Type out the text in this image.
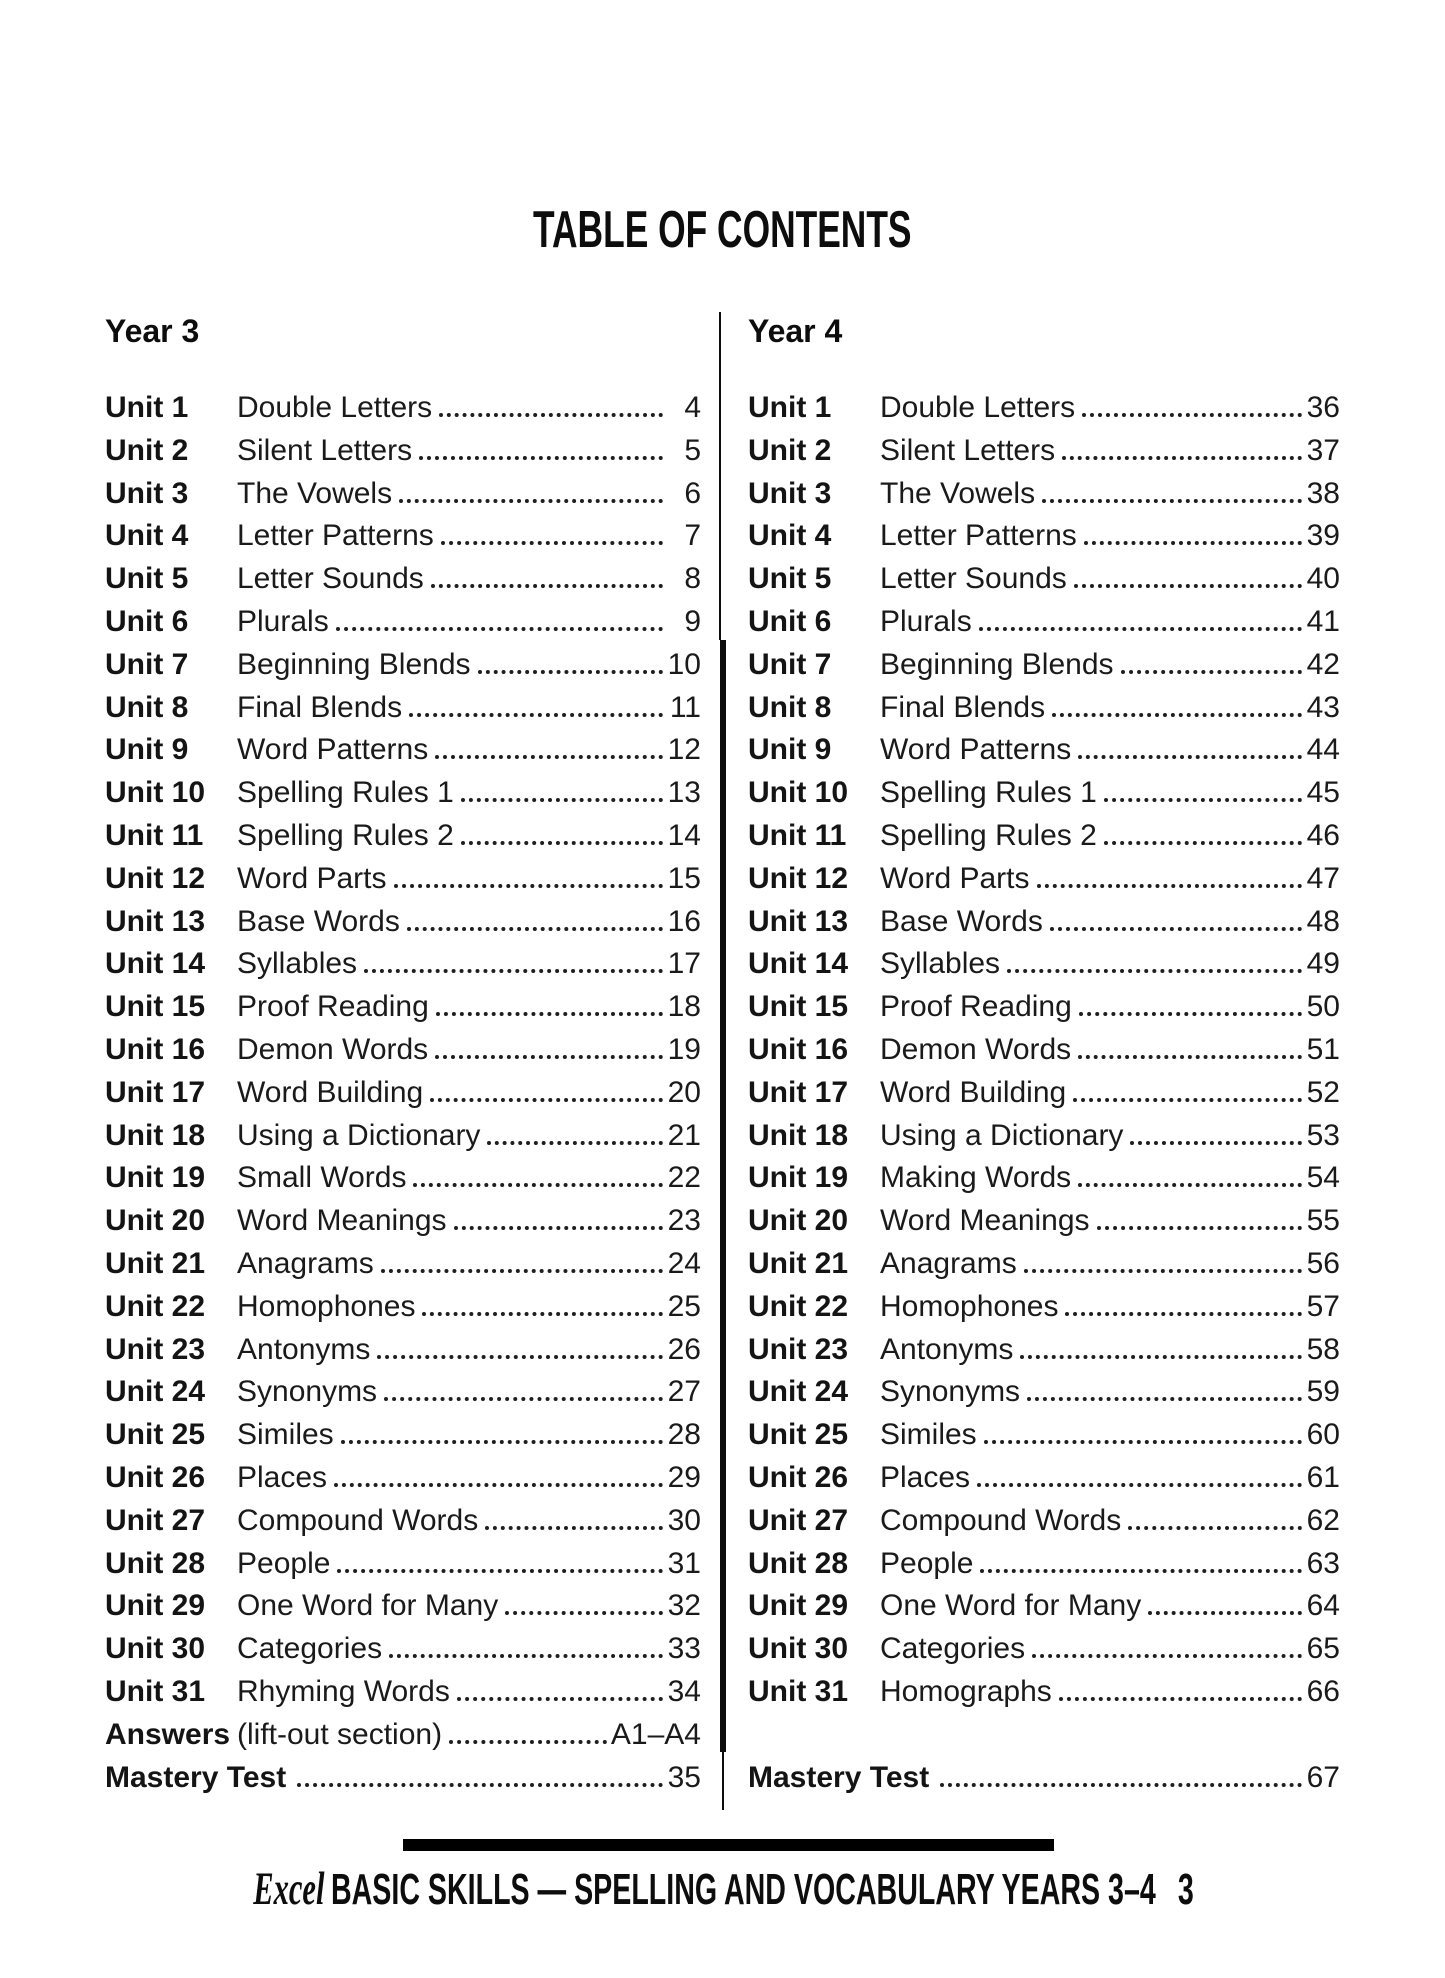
TABLE OF CONTENTS
Year 3
Unit 1	Double Letters	4
Unit 2	Silent Letters	5
Unit 3	The Vowels	6
Unit 4	Letter Patterns	7
Unit 5	Letter Sounds	8
Unit 6	Plurals	9
Unit 7	Beginning Blends	10
Unit 8	Final Blends	11
Unit 9	Word Patterns	12
Unit 10	Spelling Rules 1	13
Unit 11	Spelling Rules 2	14
Unit 12	Word Parts	15
Unit 13	Base Words	16
Unit 14	Syllables	17
Unit 15	Proof Reading	18
Unit 16	Demon Words	19
Unit 17	Word Building	20
Unit 18	Using a Dictionary	21
Unit 19	Small Words	22
Unit 20	Word Meanings	23
Unit 21	Anagrams	24
Unit 22	Homophones	25
Unit 23	Antonyms	26
Unit 24	Synonyms	27
Unit 25	Similes	28
Unit 26	Places	29
Unit 27	Compound Words	30
Unit 28	People	31
Unit 29	One Word for Many	32
Unit 30	Categories	33
Unit 31	Rhyming Words	34
Answers (lift-out section)	A1–A4
Mastery Test	35
Year 4
Unit 1	Double Letters	36
Unit 2	Silent Letters	37
Unit 3	The Vowels	38
Unit 4	Letter Patterns	39
Unit 5	Letter Sounds	40
Unit 6	Plurals	41
Unit 7	Beginning Blends	42
Unit 8	Final Blends	43
Unit 9	Word Patterns	44
Unit 10	Spelling Rules 1	45
Unit 11	Spelling Rules 2	46
Unit 12	Word Parts	47
Unit 13	Base Words	48
Unit 14	Syllables	49
Unit 15	Proof Reading	50
Unit 16	Demon Words	51
Unit 17	Word Building	52
Unit 18	Using a Dictionary	53
Unit 19	Making Words	54
Unit 20	Word Meanings	55
Unit 21	Anagrams	56
Unit 22	Homophones	57
Unit 23	Antonyms	58
Unit 24	Synonyms	59
Unit 25	Similes	60
Unit 26	Places	61
Unit 27	Compound Words	62
Unit 28	People	63
Unit 29	One Word for Many	64
Unit 30	Categories	65
Unit 31	Homographs	66
Mastery Test	67
Excel BASIC SKILLS — SPELLING AND VOCABULARY YEARS 3–4 3
